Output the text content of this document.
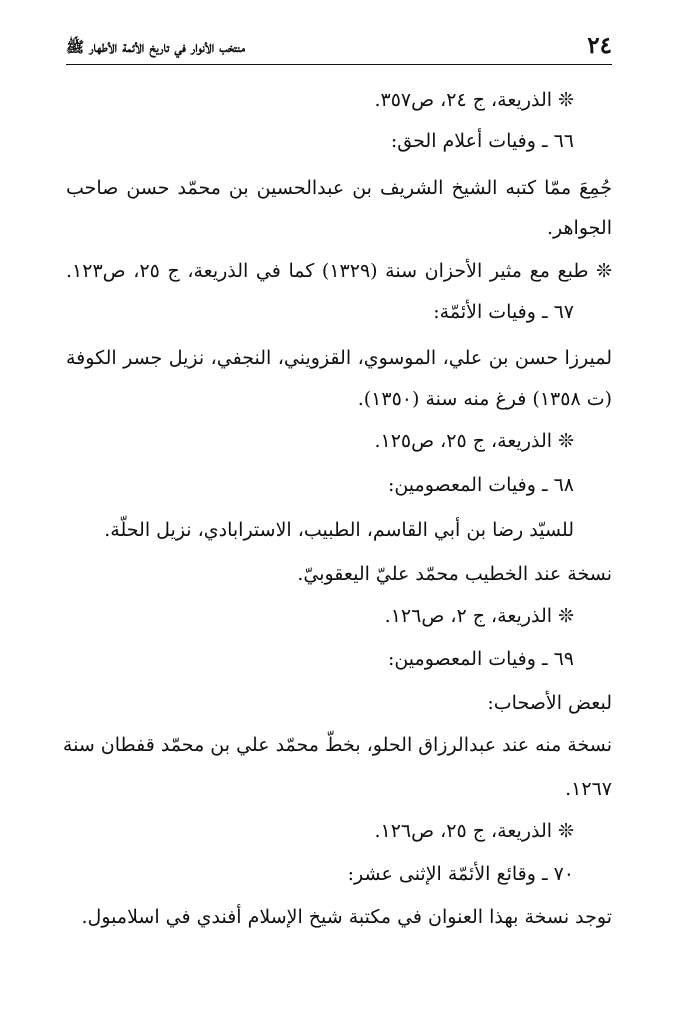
٢٤
منتخب الأنوار في تاريخ الأئمة الأطهار ﷺ
❊ الذريعة، ج ٢٤، ص٣٥٧.
٦٦ ـ وفيات أعلام الحق:
جُمِعَ ممّا كتبه الشيخ الشريف بن عبدالحسين بن محمّد حسن صاحب
الجواهر.
❊ طبع مع مثير الأحزان سنة (١٣٢٩) كما في الذريعة، ج ٢٥، ص١٢٣.
٦٧ ـ وفيات الأئمّة:
لميرزا حسن بن علي، الموسوي، القزويني، النجفي، نزيل جسر الكوفة
(ت ١٣٥٨) فرغ منه سنة (١٣٥٠).
❊ الذريعة، ج ٢٥، ص١٢٥.
٦٨ ـ وفيات المعصومين:
للسيّد رضا بن أبي القاسم، الطبيب، الاسترابادي، نزيل الحلّة.
نسخة عند الخطيب محمّد عليّ اليعقوبيّ.
❊ الذريعة، ج ٢، ص١٢٦.
٦٩ ـ وفيات المعصومين:
لبعض الأصحاب:
نسخة منه عند عبدالرزاق الحلو، بخطّ محمّد علي بن محمّد قفطان سنة
١٢٦٧.
❊ الذريعة، ج ٢٥، ص١٢٦.
٧٠ ـ وقائع الأئمّة الإثنى عشر:
توجد نسخة بهذا العنوان في مكتبة شيخ الإسلام أفندي في اسلامبول.
